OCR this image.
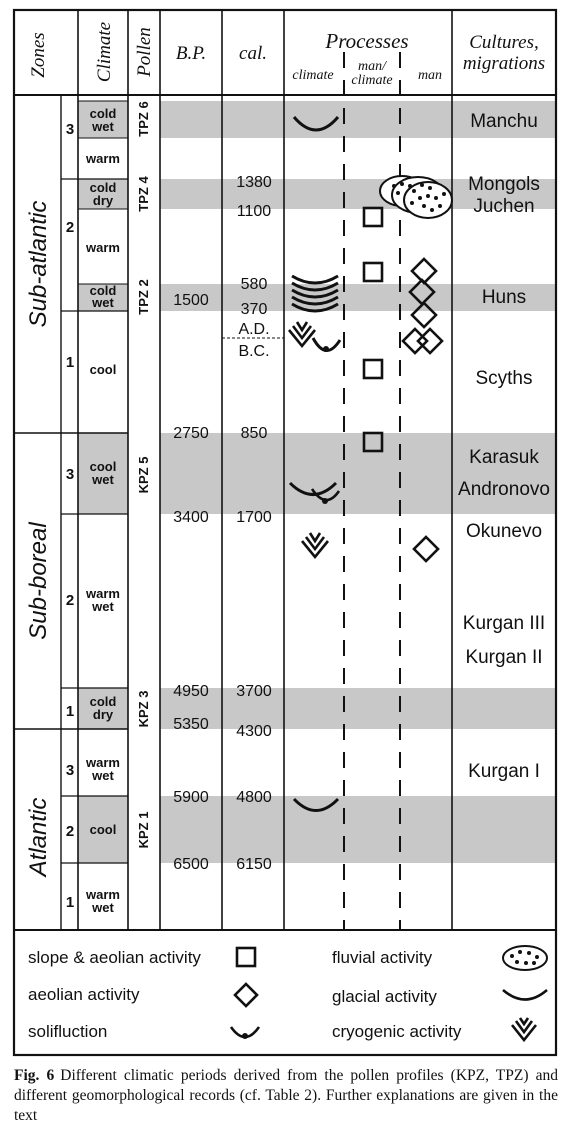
Zones Climate Pollen B.P. cal.
Processes
climate
man/
climate man
Cultures,
migrations
Sub-atlantic
Sub-boreal
Atlantic
3
2
1
3
2
1
3
2
1
cold
wet
warm
cold
dry
warm
cold
wet
cool
cool
wet
warm
wet
cold
dry
warm
wet
cool
warm
wet
TPZ 6
TPZ 4
TPZ 2
KPZ 5
KPZ 3
KPZ 1
1500
2750
3400
4950
5350
5900
6500
1380
1100
580
370
A.D.
B.C.
850
1700
3700
4300
4800
6150
Manchu
Mongols
Juchen
Huns
Scyths
Karasuk
Andronovo
Okunevo
Kurgan III
Kurgan II
Kurgan I
slope & aeolian activity
aeolian activity
solifluction
fluvial activity
glacial activity
cryogenic activity
Fig. 6 Different climatic periods derived from the pollen profiles (KPZ, TPZ) and different geomorphological records (cf. Table 2). Further explanations are given in the text
